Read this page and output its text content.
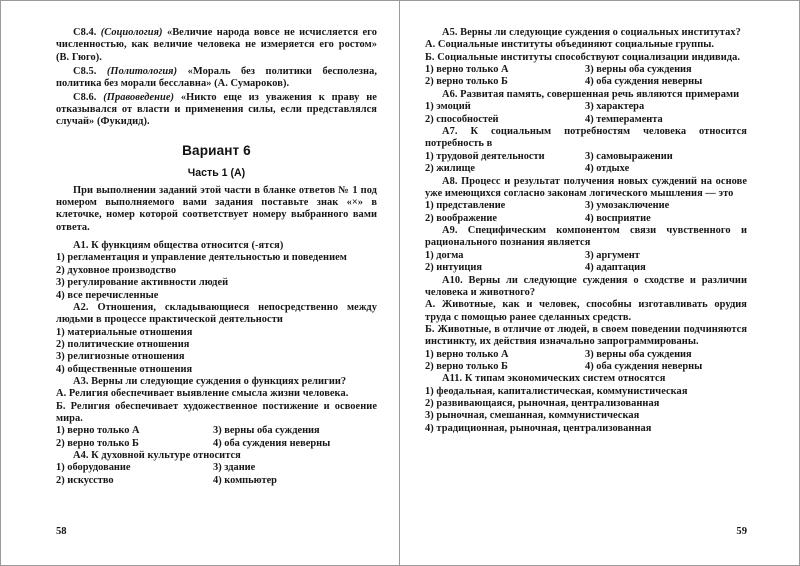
С8.4. (Социология) «Величие народа вовсе не исчисляется его численностью, как величие человека не измеряется его ростом» (В. Гюго).

С8.5. (Политология) «Мораль без политики бесполезна, политика без морали бесславна» (А. Сумароков).

С8.6. (Правоведение) «Никто еще из уважения к праву не отказывался от власти и применения силы, если представлялся случай» (Фукидид).

Вариант 6
Часть 1 (А)

При выполнении заданий этой части в бланке ответов № 1 под номером выполняемого вами задания поставьте знак «×» в клеточке, номер которой соответствует номеру выбранного вами ответа.

А1. К функциям общества относится (-ятся)

1) регламентация и управление деятельностью и поведением

2) духовное производство

3) регулирование активности людей

4) все перечисленные

А2. Отношения, складывающиеся непосредственно между людьми в процессе практической деятельности

1) материальные отношения

2) политические отношения

3) религиозные отношения

4) общественные отношения

А3. Верны ли следующие суждения о функциях религии?

А. Религия обеспечивает выявление смысла жизни человека.

Б. Религия обеспечивает художественное постижение и освоение мира.

1) верно только А	3) верны оба суждения
2) верно только Б	4) оба суждения неверны

А4. К духовной культуре относится

1) оборудование	3) здание
2) искусство	4) компьютер
58

А5. Верны ли следующие суждения о социальных институтах?

А. Социальные институты объединяют социальные группы.

Б. Социальные институты способствуют социализации индивида.

1) верно только А	3) верны оба суждения
2) верно только Б	4) оба суждения неверны

А6. Развитая память, совершенная речь являются примерами

1) эмоций	3) характера
2) способностей	4) темперамента

А7. К социальным потребностям человека относится потребность в

1) трудовой деятельности	3) самовыражении
2) жилище	4) отдыхе

А8. Процесс и результат получения новых суждений на основе уже имеющихся согласно законам логического мышления — это

1) представление	3) умозаключение
2) воображение	4) восприятие

А9. Специфическим компонентом связи чувственного и рационального познания является

1) догма	3) аргумент
2) интуиция	4) адаптация

А10. Верны ли следующие суждения о сходстве и различии человека и животного?

А. Животные, как и человек, способны изготавливать орудия труда с помощью ранее сделанных средств.

Б. Животные, в отличие от людей, в своем поведении подчиняются инстинкту, их действия изначально запрограммированы.

1) верно только А	3) верны оба суждения
2) верно только Б	4) оба суждения неверны

А11. К типам экономических систем относятся

1) феодальная, капиталистическая, коммунистическая

2) развивающаяся, рыночная, централизованная

3) рыночная, смешанная, коммунистическая

4) традиционная, рыночная, централизованная

59
